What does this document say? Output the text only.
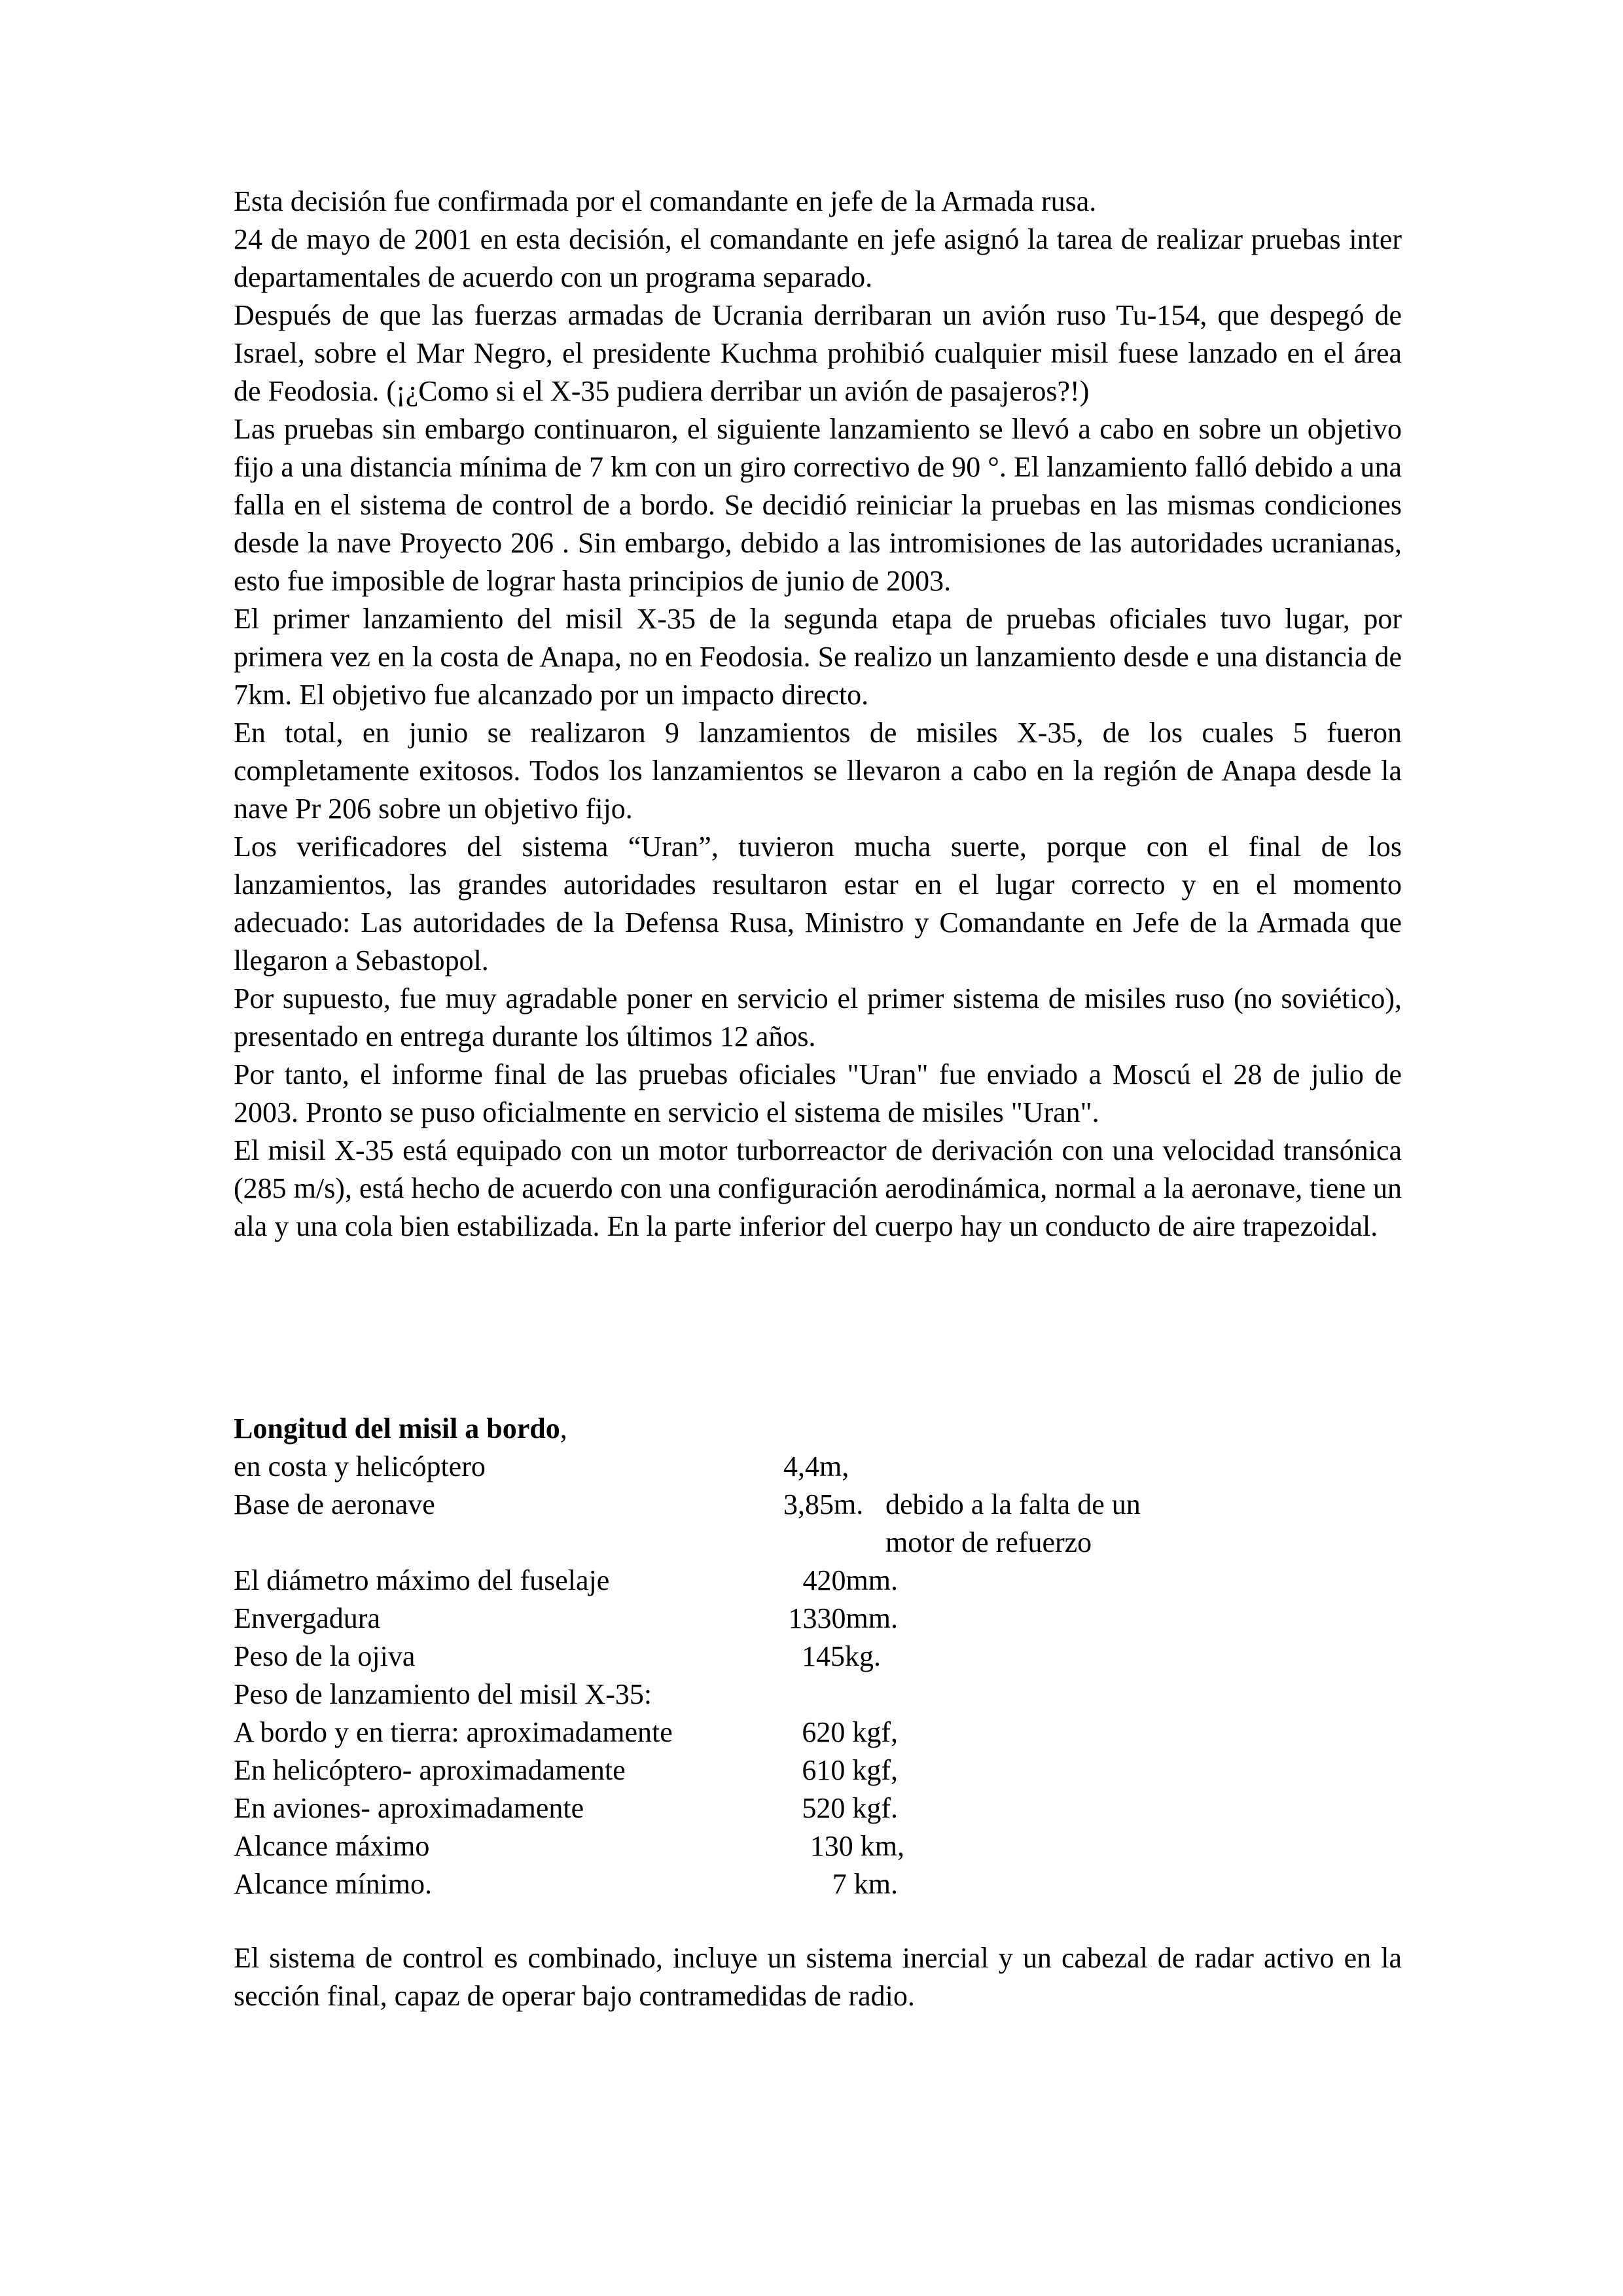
Esta decisión fue confirmada por el comandante en jefe de la Armada rusa.

24 de mayo de 2001 en esta decisión, el comandante en jefe asignó la tarea de realizar pruebas inter departamentales de acuerdo con un programa separado.

Después de que las fuerzas armadas de Ucrania derribaran un avión ruso Tu-154, que despegó de Israel, sobre el Mar Negro, el presidente Kuchma prohibió cualquier misil fuese lanzado en el área de Feodosia. (¡¿Como si el X-35 pudiera derribar un avión de pasajeros?!)

Las pruebas sin embargo continuaron, el siguiente lanzamiento se llevó a cabo en sobre un objetivo fijo a una distancia mínima de 7 km con un giro correctivo de 90 °. El lanzamiento falló debido a una falla en el sistema de control de a bordo. Se decidió reiniciar la pruebas en las mismas condiciones desde la nave Proyecto 206 . Sin embargo, debido a las intromisiones de las autoridades ucranianas, esto fue imposible de lograr hasta principios de junio de 2003.

El primer lanzamiento del misil X-35 de la segunda etapa de pruebas oficiales tuvo lugar, por primera vez en la costa de Anapa, no en Feodosia. Se realizo un lanzamiento desde e una distancia de 7km. El objetivo fue alcanzado por un impacto directo.

En total, en junio se realizaron 9 lanzamientos de misiles X-35, de los cuales 5 fueron completamente exitosos. Todos los lanzamientos se llevaron a cabo en la región de Anapa desde la nave Pr 206 sobre un objetivo fijo.

Los verificadores del sistema “Uran”, tuvieron mucha suerte, porque con el final de los lanzamientos, las grandes autoridades resultaron estar en el lugar correcto y en el momento adecuado: Las autoridades de la Defensa Rusa, Ministro y Comandante en Jefe de la Armada que llegaron a Sebastopol.

Por supuesto, fue muy agradable poner en servicio el primer sistema de misiles ruso (no soviético), presentado en entrega durante los últimos 12 años.

Por tanto, el informe final de las pruebas oficiales "Uran" fue enviado a Moscú el 28 de julio de 2003. Pronto se puso oficialmente en servicio el sistema de misiles "Uran".

El misil X-35 está equipado con un motor turborreactor de derivación con una velocidad transónica (285 m/s), está hecho de acuerdo con una configuración aerodinámica, normal a la aeronave, tiene un ala y una cola bien estabilizada. En la parte inferior del cuerpo hay un conducto de aire trapezoidal.

Longitud del misil a bordo,
en costa y helicóptero	4,4m,
Base de aeronave	3,85m. debido a la falta de un
motor de refuerzo
El diámetro máximo del fuselaje	420mm.
Envergadura	1330mm.
Peso de la ojiva	145kg.
Peso de lanzamiento del misil X-35:
A bordo y en tierra: aproximadamente	620 kgf,
En helicóptero- aproximadamente	610 kgf,
En aviones- aproximadamente	520 kgf.
Alcance máximo	130 km,
Alcance mínimo.	7 km.

El sistema de control es combinado, incluye un sistema inercial y un cabezal de radar activo en la sección final, capaz de operar bajo contramedidas de radio.
